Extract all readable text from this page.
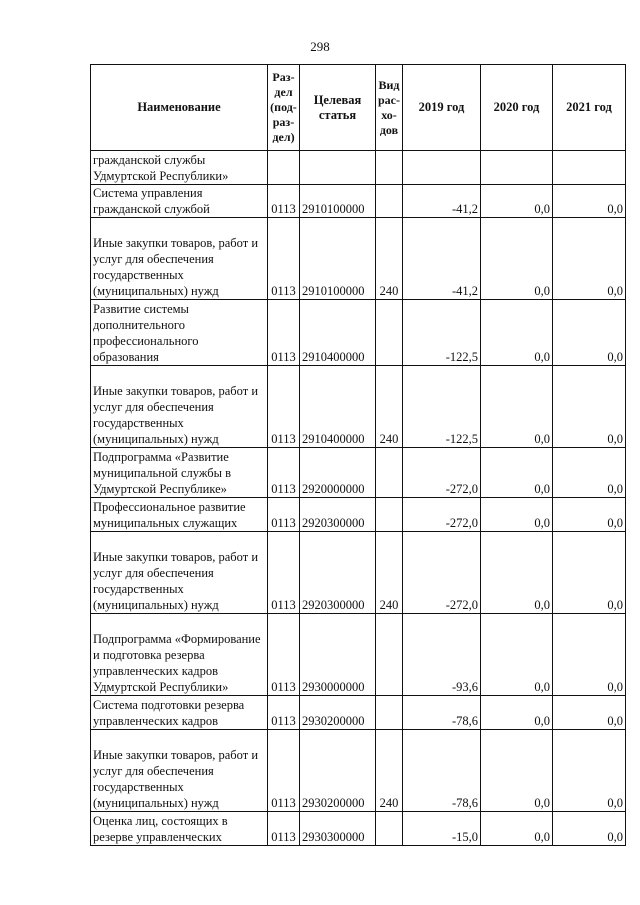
298
Наименование	Раз-
дел
(под-
раз-
дел)	Целевая
статья	Вид
рас-
хо-
дов	2019 год	2020 год	2021 год
гражданской службы Удмуртской Республики»						
Система управления гражданской службой	0113	2910100000		-41,2	0,0	0,0
Иные закупки товаров, работ и услуг для обеспечения государственных (муниципальных) нужд	0113	2910100000	240	-41,2	0,0	0,0
Развитие системы дополнительного профессионального образования	0113	2910400000		-122,5	0,0	0,0
Иные закупки товаров, работ и услуг для обеспечения государственных (муниципальных) нужд	0113	2910400000	240	-122,5	0,0	0,0
Подпрограмма «Развитие муниципальной службы в Удмуртской Республике»	0113	2920000000		-272,0	0,0	0,0
Профессиональное развитие муниципальных служащих	0113	2920300000		-272,0	0,0	0,0
Иные закупки товаров, работ и услуг для обеспечения государственных (муниципальных) нужд	0113	2920300000	240	-272,0	0,0	0,0
Подпрограмма «Формирование и подготовка резерва управленческих кадров Удмуртской Республики»	0113	2930000000		-93,6	0,0	0,0
Система подготовки резерва управленческих кадров	0113	2930200000		-78,6	0,0	0,0
Иные закупки товаров, работ и услуг для обеспечения государственных (муниципальных) нужд	0113	2930200000	240	-78,6	0,0	0,0
Оценка лиц, состоящих в резерве управленческих	0113	2930300000		-15,0	0,0	0,0
